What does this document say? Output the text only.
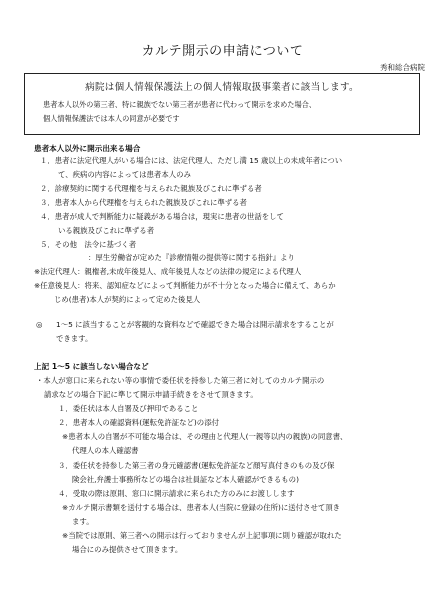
カルテ開示の申請について
秀和総合病院
病院は個人情報保護法上の個人情報取扱事業者に該当します。
患者本人以外の第三者、特に親族でない第三者が患者に代わって開示を求めた場合、
個人情報保護法では本人の同意が必要です
患者本人以外に開示出来る場合
１．患者に法定代理人がいる場合には、法定代理人、ただし満 15 歳以上の未成年者につい
て、疾病の内容によっては患者本人のみ
２．診療契約に関する代理権を与えられた親族及びこれに準ずる者
３．患者本人から代理権を与えられた親族及びこれに準ずる者
４．患者が成人で判断能力に疑義がある場合は，現実に患者の世話をして
いる親族及びこれに準ずる者
５．その他　法令に基づく者
：厚生労働省が定めた『診療情報の提供等に関する指針』より
※法定代理人：親権者,未成年後見人、成年後見人などの法律の規定による代理人
※任意後見人：将来、認知症などによって判断能力が不十分となった場合に備えて、あらか
じめ(患者)本人が契約によって定めた後見人
◎ 1～5 に該当することが客観的な資料などで確認できた場合は開示請求をすることが
できます。
上記 1～5 に該当しない場合など
・本人が窓口に来られない等の事情で委任状を持参した第三者に対してのカルテ開示の
請求などの場合下記に準じて開示申請手続きをさせて頂きます。
１．委任状は本人自署及び押印であること
２．患者本人の確認資料(運転免許証など)の添付
※患者本人の自署が不可能な場合は、その理由と代理人(一親等以内の親族)の同意書、
代理人の本人確認書
３．委任状を持参した第三者の身元確認書(運転免許証など顔写真付きのもの及び保
険会社,弁護士事務所などの場合は社員証など本人確認ができるもの)
４．受取の際は原則、窓口に開示請求に来られた方のみにお渡しします
※カルテ開示書類を送付する場合は、患者本人(当院に登録の住所)に送付させて頂き
ます。
※当院では原則、第三者への開示は行っておりませんが上記事項に則り確認が取れた
場合にのみ提供させて頂きます。
